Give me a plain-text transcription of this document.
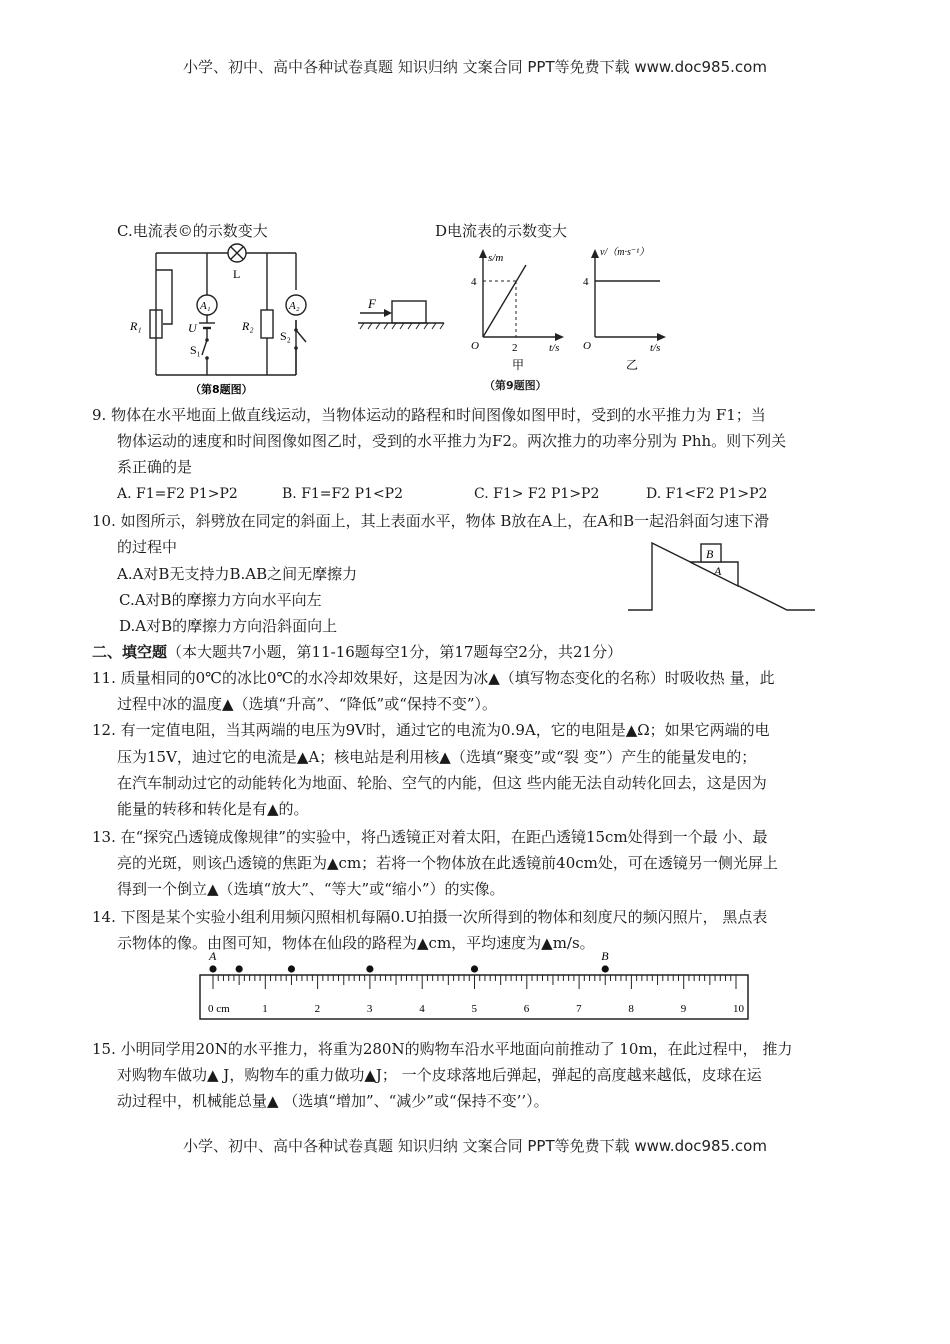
小学、初中、高中各种试卷真题 知识归纳 文案合同 PPT等免费下载 www.doc985.com
小学、初中、高中各种试卷真题 知识归纳 文案合同 PPT等免费下载 www.doc985.com
C.电流表©的示数变大	D电流表的示数变大
A₁	A₂
L
R₁	R₂
U
S₁
S₂
（第8题图）
F
s/m
4
O	2	t/s
甲
v/（m·s⁻¹）
4
O	t/s
乙
（第9题图）
9. 物体在水平地面上做直线运动，当物体运动的路程和时间图像如图甲时，受到的水平推力为 F1；当
物体运动的速度和时间图像如图乙时，受到的水平推力为F2。两次推力的功率分别为 Phh。则下列关
系正确的是
A. F1=F2 P1>P2	B. F1=F2 P1<P2	C. F1> F2 P1>P2	D. F1<F2 P1>P2
10. 如图所示，斜劈放在同定的斜面上，其上表面水平，物体 B放在A上，在A和B一起沿斜面匀速下滑
的过程中
A.A对B无支持力B.AB之间无摩擦力
C.A对B的摩擦力方向水平向左
D.A对B的摩擦力方向沿斜面向上
B
A
二、填空题（本大题共7小题，第11-16题每空1分，第17题每空2分，共21分）
11. 质量相同的0℃的冰比0℃的水冷却效果好，这是因为冰▲（填写物态变化的名称）时吸收热 量，此
过程中冰的温度▲（选填“升高”、“降低”或“保持不变”）。
12. 有一定值电阻，当其两端的电压为9V时，通过它的电流为0.9A，它的电阻是▲Ω；如果它两端的电
压为15V，迪过它的电流是▲A；核电站是利用核▲（选填“聚变”或“裂 变”）产生的能量发电的；
在汽车制动过它的动能转化为地面、轮胎、空气的内能，但这 些内能无法自动转化回去，这是因为
能量的转移和转化是有▲的。
13. 在“探究凸透镜成像规律”的实验中，将凸透镜正对着太阳，在距凸透镜15cm处得到一个最 小、最
亮的光斑，则该凸透镜的焦距为▲cm；若将一个物体放在此透镜前40cm处，可在透镜另一侧光屏上
得到一个倒立▲（选填“放大”、“等大”或“缩小”）的实像。
14. 下图是某个实验小组利用频闪照相机每隔0.U拍摄一次所得到的物体和刻度尺的频闪照片， 黑点表
示物体的像。由图可知，物体在仙段的路程为▲cm，平均速度为▲m/s。
1	2	3	4	5	6	7	8	9	10
A	B
0 cm
15. 小明同学用20N的水平推力，将重为280N的购物车沿水平地面向前推动了 10m，在此过程中， 推力
对购物车做功▲ J，购物车的重力做功▲J； 一个皮球落地后弹起，弹起的高度越来越低，皮球在运
动过程中，机械能总量▲ （选填“增加”、“减少”或“保持不变’’）。
